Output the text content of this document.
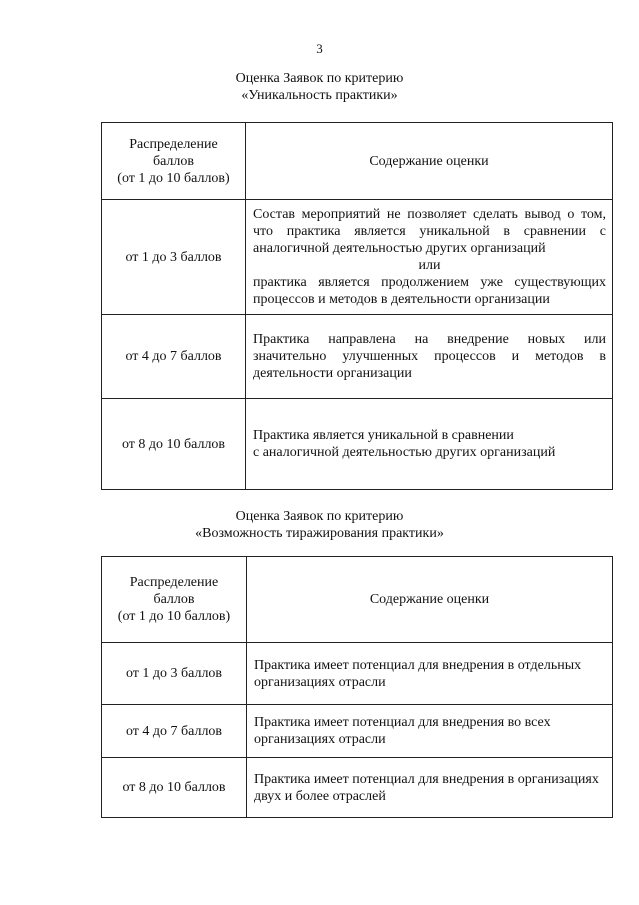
3
Оценка Заявок по критерию
«Уникальность практики»
Распределение
баллов
(от 1 до 10 баллов)	Содержание оценки
от 1 до 3 баллов	Состав мероприятий не позволяет сделать вывод о том, что практика является уникальной в сравнении с аналогичной деятельностью других организаций
или
практика является продолжением уже существующих процессов и методов в деятельности организации

от 4 до 7 баллов	Практика направлена на внедрение новых или значительно улучшенных процессов и методов в деятельности организации
от 8 до 10 баллов	Практика является уникальной в сравнении
с аналогичной деятельностью других организаций
Оценка Заявок по критерию
«Возможность тиражирования практики»
Распределение
баллов
(от 1 до 10 баллов)	Содержание оценки
от 1 до 3 баллов	Практика имеет потенциал для внедрения в отдельных организациях отрасли
от 4 до 7 баллов	Практика имеет потенциал для внедрения во всех организациях отрасли
от 8 до 10 баллов	Практика имеет потенциал для внедрения в организациях двух и более отраслей
